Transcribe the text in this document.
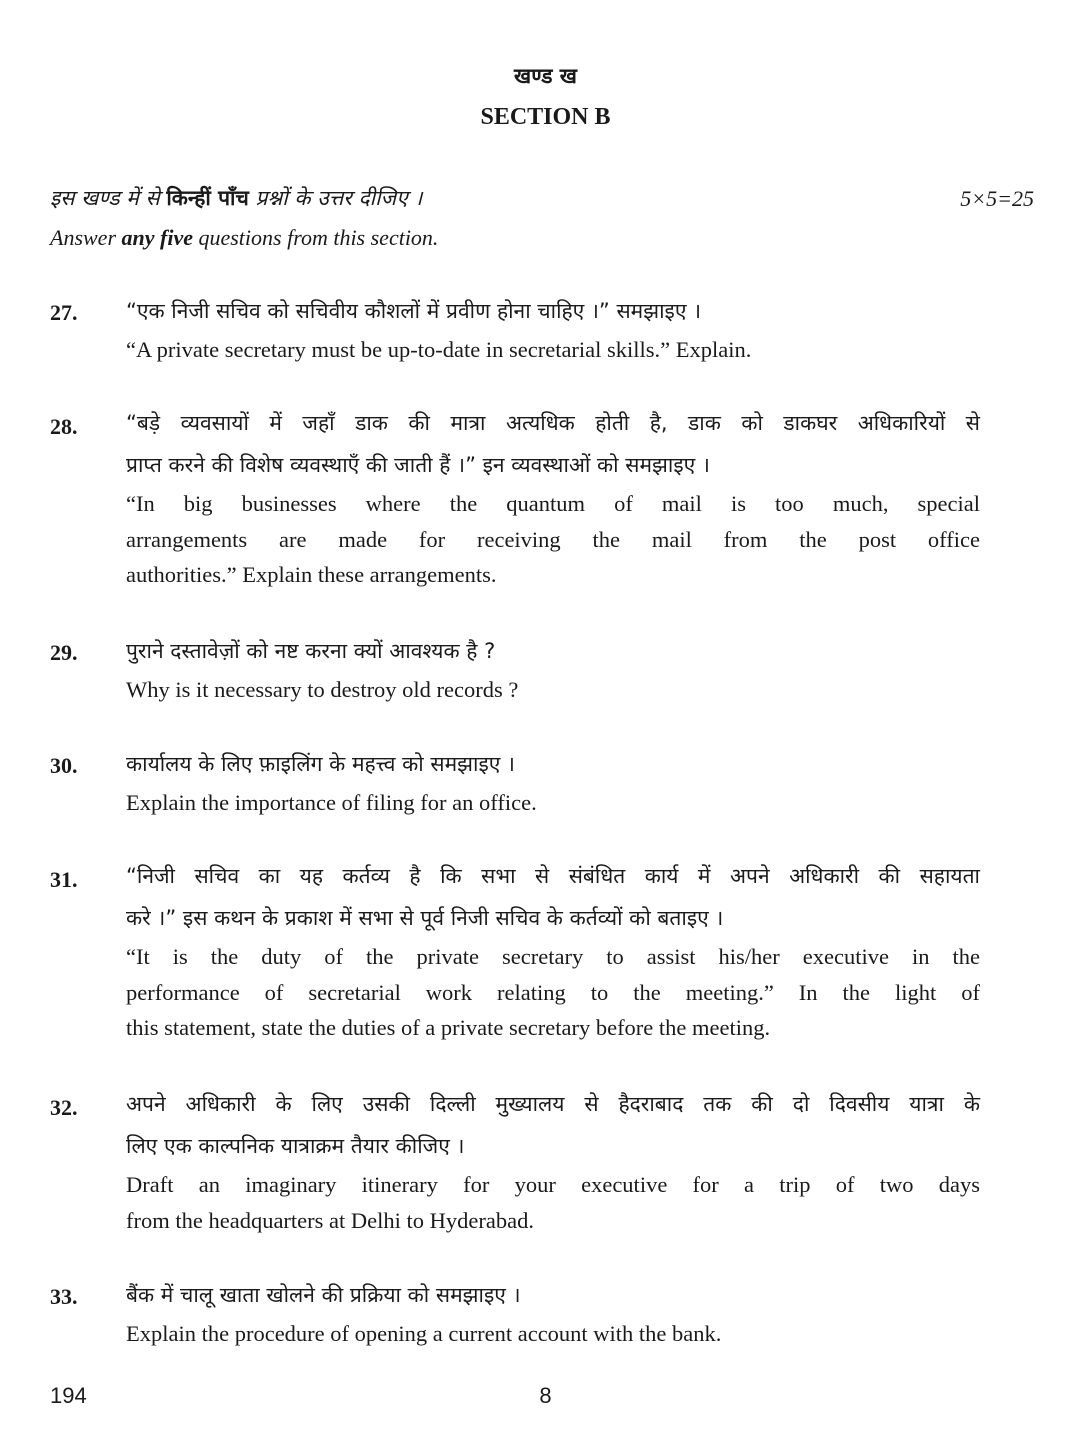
खण्ड ख
SECTION B
इस खण्ड में से किन्हीं पाँच प्रश्नों के उत्तर दीजिए ।	5×5=25
Answer any five questions from this section.
27.	“एक निजी सचिव को सचिवीय कौशलों में प्रवीण होना चाहिए ।” समझाइए ।
“A private secretary must be up-to-date in secretarial skills.” Explain.
28.	“बड़े व्यवसायों में जहाँ डाक की मात्रा अत्यधिक होती है, डाक को डाकघर अधिकारियों से
प्राप्त करने की विशेष व्यवस्थाएँ की जाती हैं ।” इन व्यवस्थाओं को समझाइए ।
“In big businesses where the quantum of mail is too much, special
arrangements are made for receiving the mail from the post office
authorities.” Explain these arrangements.
29.	पुराने दस्तावेज़ों को नष्ट करना क्यों आवश्यक है ?
Why is it necessary to destroy old records ?
30.	कार्यालय के लिए फ़ाइलिंग के महत्त्व को समझाइए ।
Explain the importance of filing for an office.
31.	“निजी सचिव का यह कर्तव्य है कि सभा से संबंधित कार्य में अपने अधिकारी की सहायता
करे ।” इस कथन के प्रकाश में सभा से पूर्व निजी सचिव के कर्तव्यों को बताइए ।
“It is the duty of the private secretary to assist his/her executive in the
performance of secretarial work relating to the meeting.” In the light of
this statement, state the duties of a private secretary before the meeting.
32.	अपने अधिकारी के लिए उसकी दिल्ली मुख्यालय से हैदराबाद तक की दो दिवसीय यात्रा के
लिए एक काल्पनिक यात्राक्रम तैयार कीजिए ।
Draft an imaginary itinerary for your executive for a trip of two days
from the headquarters at Delhi to Hyderabad.
33.	बैंक में चालू खाता खोलने की प्रक्रिया को समझाइए ।
Explain the procedure of opening a current account with the bank.
194	8
